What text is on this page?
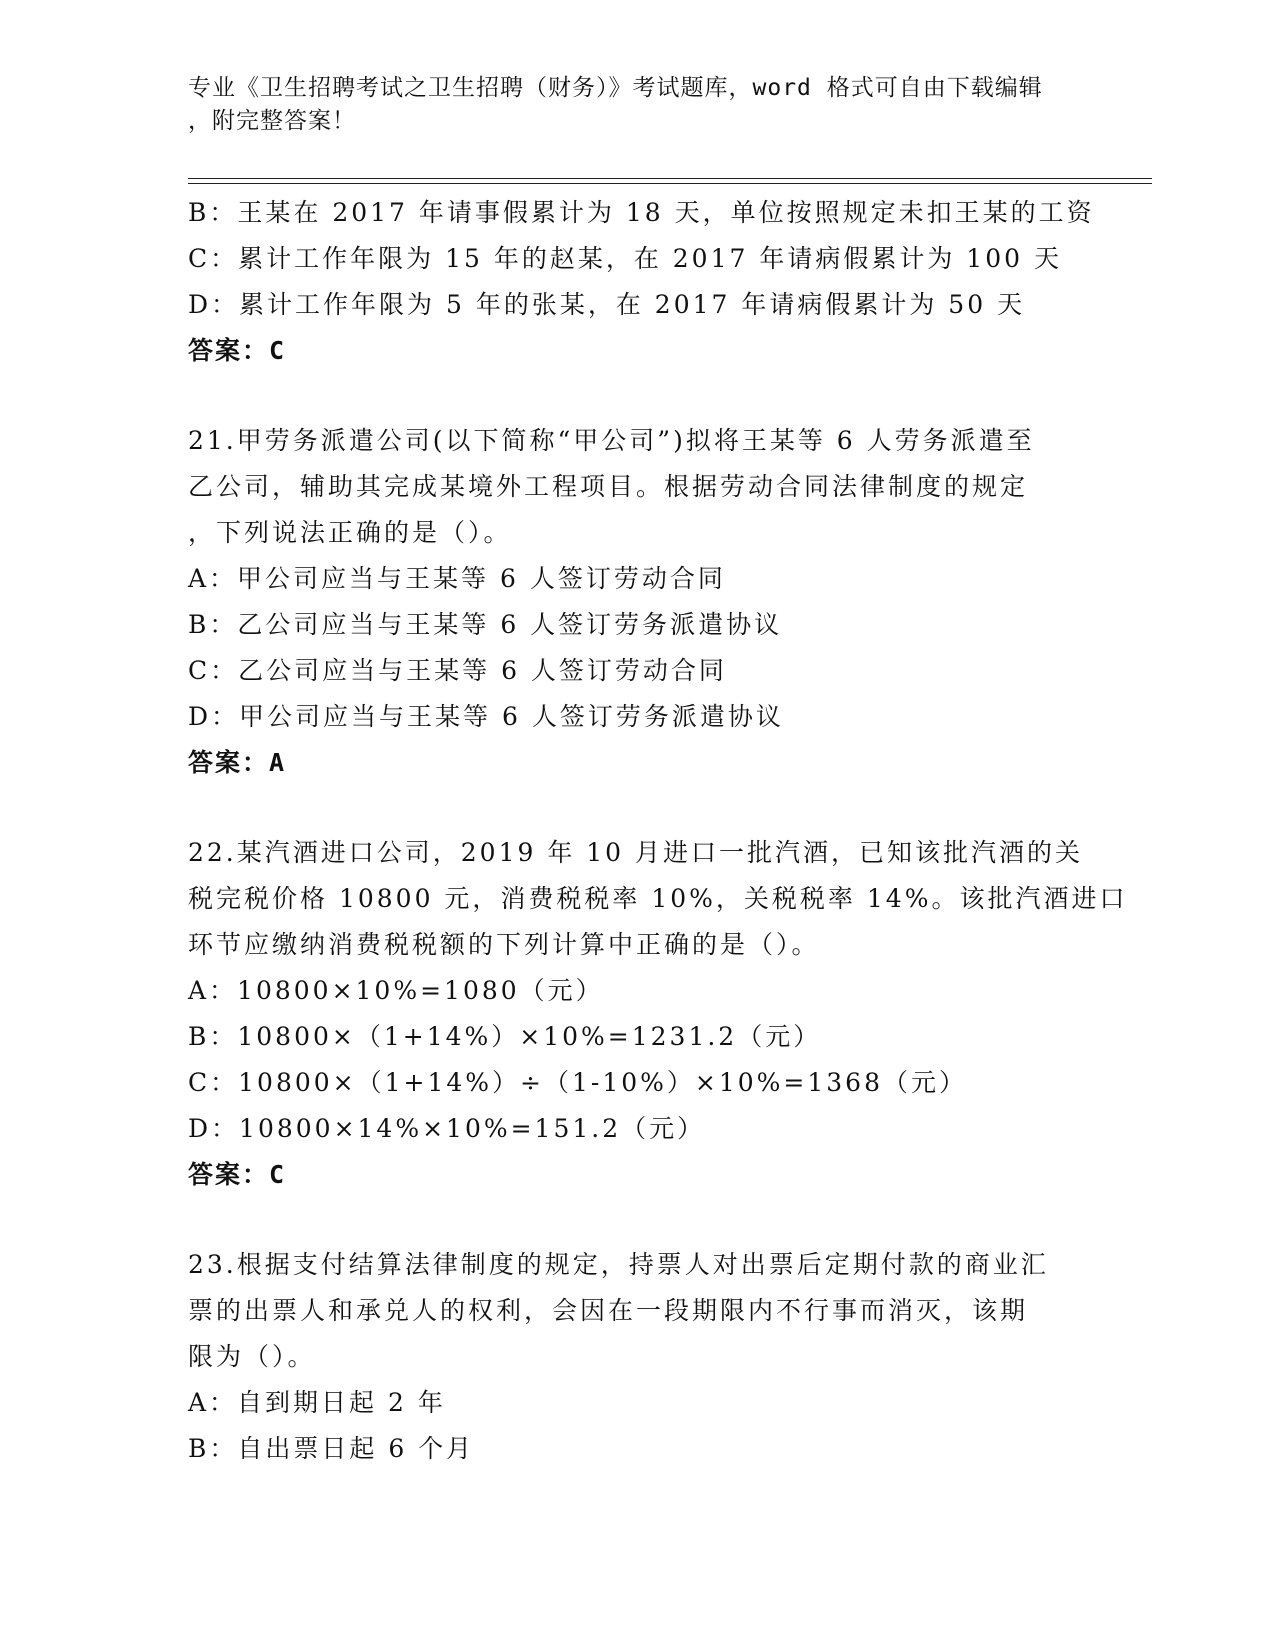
专业《卫生招聘考试之卫生招聘（财务）》考试题库，word 格式可自由下载编辑
，附完整答案！
B：王某在 2017 年请事假累计为 18 天，单位按照规定未扣王某的工资
C：累计工作年限为 15 年的赵某，在 2017 年请病假累计为 100 天
D：累计工作年限为 5 年的张某，在 2017 年请病假累计为 50 天
答案：C
21.甲劳务派遣公司(以下简称“甲公司”)拟将王某等 6 人劳务派遣至
乙公司，辅助其完成某境外工程项目。根据劳动合同法律制度的规定
，下列说法正确的是（）。
A：甲公司应当与王某等 6 人签订劳动合同
B：乙公司应当与王某等 6 人签订劳务派遣协议
C：乙公司应当与王某等 6 人签订劳动合同
D：甲公司应当与王某等 6 人签订劳务派遣协议
答案：A
22.某汽酒进口公司，2019 年 10 月进口一批汽酒，已知该批汽酒的关
税完税价格 10800 元，消费税税率 10%，关税税率 14%。该批汽酒进口
环节应缴纳消费税税额的下列计算中正确的是（）。
A：10800×10%=1080（元）
B：10800×（1+14%）×10%=1231.2（元）
C：10800×（1+14%）÷（1-10%）×10%=1368（元）
D：10800×14%×10%=151.2（元）
答案：C
23.根据支付结算法律制度的规定，持票人对出票后定期付款的商业汇
票的出票人和承兑人的权利，会因在一段期限内不行事而消灭，该期
限为（）。
A：自到期日起 2 年
B：自出票日起 6 个月
